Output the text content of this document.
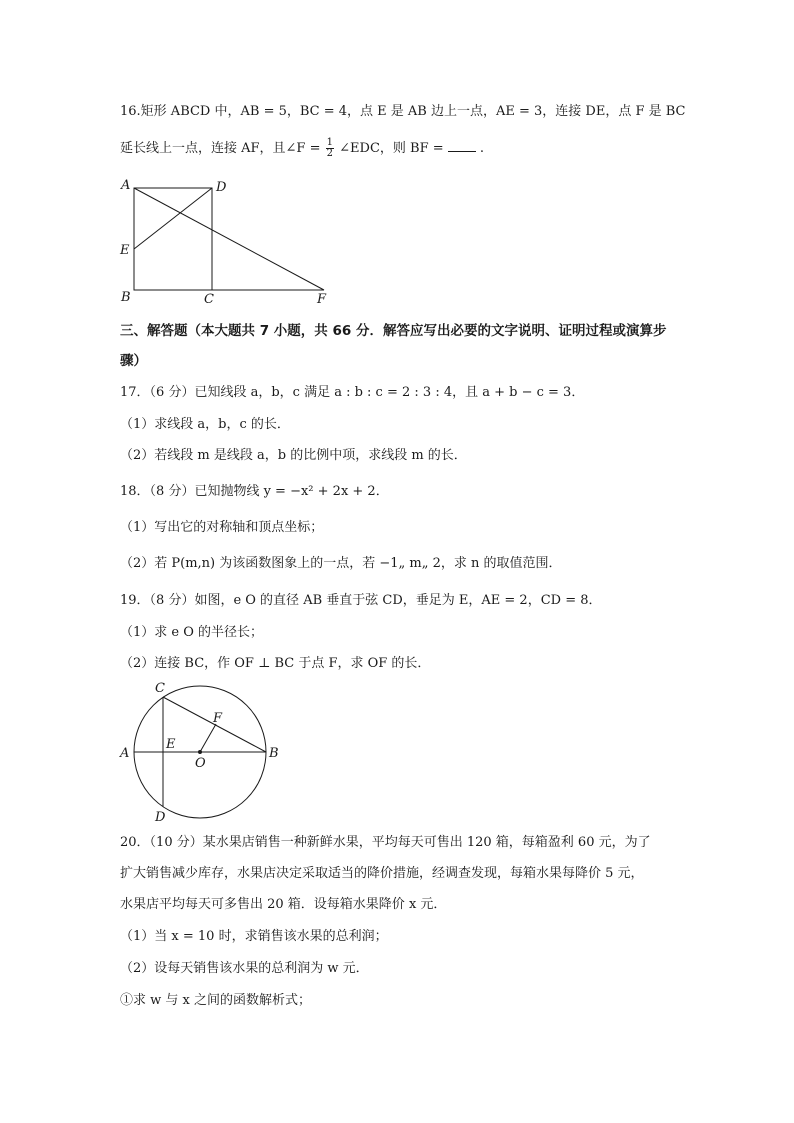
16.矩形 ABCD 中，AB = 5，BC = 4，点 E 是 AB 边上一点，AE = 3，连接 DE，点 F 是 BC
延长线上一点，连接 AF，且∠F = $\frac{1}{2}$ ∠EDC，则 BF =	.
A	D
E
B	C	F
三、解答题（本大题共 7 小题，共 66 分．解答应写出必要的文字说明、证明过程或演算步
骤）
17．（6 分）已知线段 a，b，c 满足 a : b : c = 2 : 3 : 4，且 a + b − c = 3．
（1）求线段 a，b，c 的长．
（2）若线段 m 是线段 a，b 的比例中项，求线段 m 的长．
18．（8 分）已知抛物线 y = −x² + 2x + 2．
（1）写出它的对称轴和顶点坐标；
（2）若 P(m,n) 为该函数图象上的一点，若 −1„ m„ 2，求 n 的取值范围．
19．（8 分）如图，e O 的直径 AB 垂直于弦 CD，垂足为 E，AE = 2，CD = 8．
（1）求 e O 的半径长；
（2）连接 BC，作 OF ⊥ BC 于点 F，求 OF 的长．
C
F
A
E
O
B
D
20．（10 分）某水果店销售一种新鲜水果，平均每天可售出 120 箱，每箱盈利 60 元，为了
扩大销售减少库存，水果店决定采取适当的降价措施，经调查发现，每箱水果每降价 5 元，
水果店平均每天可多售出 20 箱．设每箱水果降价 x 元．
（1）当 x = 10 时，求销售该水果的总利润；
（2）设每天销售该水果的总利润为 w 元．
①求 w 与 x 之间的函数解析式；
